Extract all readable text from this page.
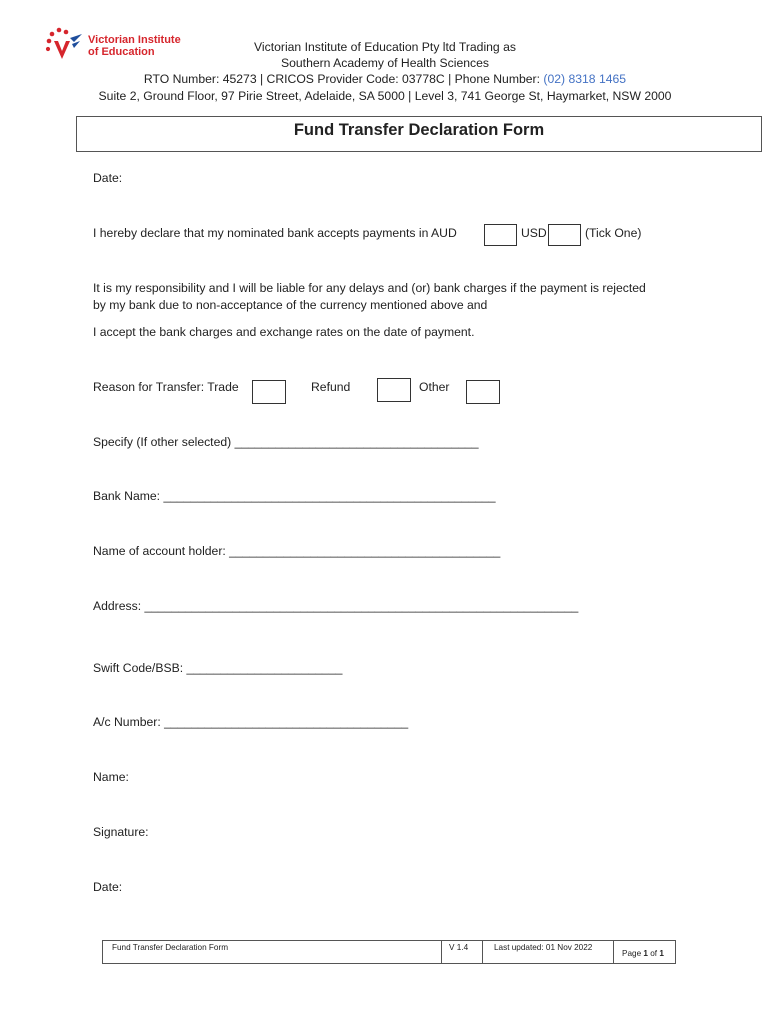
Victorian Institute
of Education	Victorian Institute of Education Pty ltd Trading as
Southern Academy of Health Sciences
RTO Number: 45273 | CRICOS Provider Code: 03778C | Phone Number: (02) 8318 1465
Suite 2, Ground Floor, 97 Pirie Street, Adelaide, SA 5000 | Level 3, 741 George St, Haymarket, NSW 2000
Fund Transfer Declaration Form
Date:
I hereby declare that my nominated bank accepts payments in AUD	USD	(Tick One)
It is my responsibility and I will be liable for any delays and (or) bank charges if the payment is rejected
by my bank due to non-acceptance of the currency mentioned above and
I accept the bank charges and exchange rates on the date of payment.
Reason for Transfer: Trade	Refund	Other
Specify (If other selected) ____________________________________
Bank Name: _________________________________________________
Name of account holder: ________________________________________
Address: ________________________________________________________________
Swift Code/BSB: _______________________
A/c Number: ____________________________________
Name:
Signature:
Date:
Fund Transfer Declaration Form	V 1.4	Last updated: 01 Nov 2022
Page 1 of 1
